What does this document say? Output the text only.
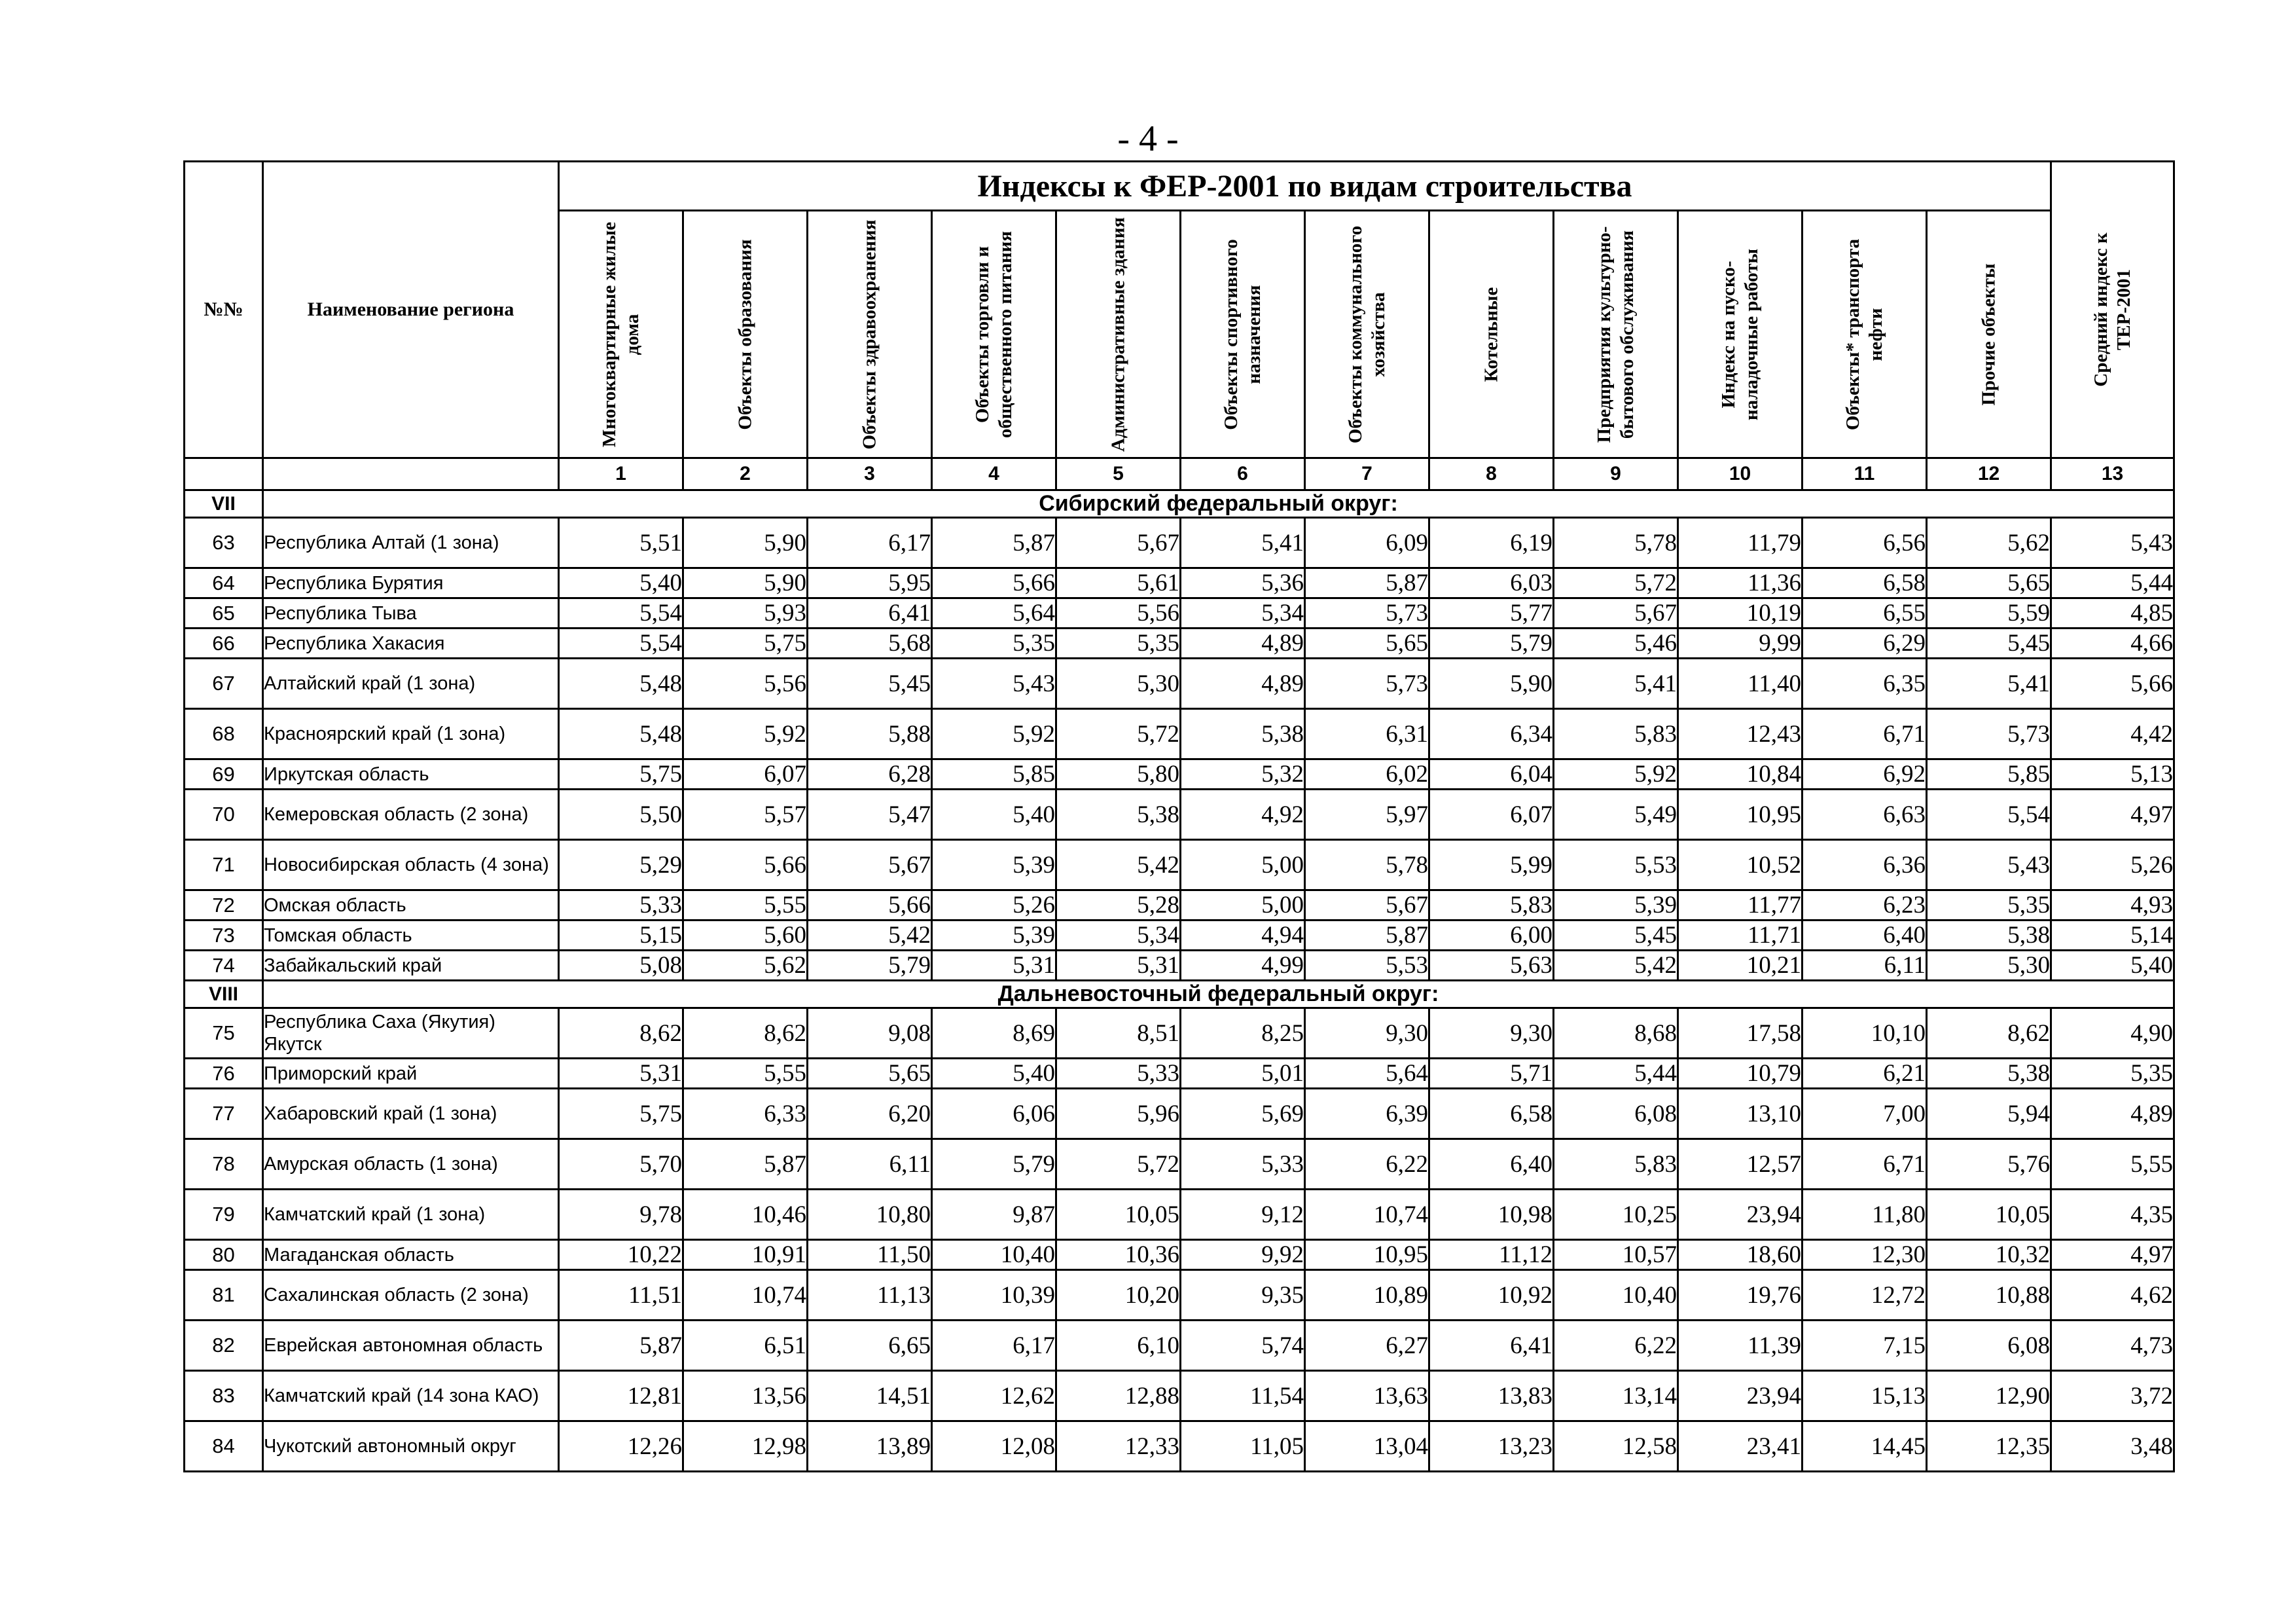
- 4 -
№№	Наименование региона	Индексы к ФЕР-2001 по видам строительства												Средний индекс к ТЕР-2001

		Многоквартирные жилые дома	Объекты образования	Объекты здравоохранения	Объекты торговли и общественного питания	Административные здания	Объекты спортивного назначения	Объекты коммунального хозяйства	Котельные	Предприятия культурно-бытового обслуживания	Индекс на пуско-наладочные работы	Объекты* транспорта нефти	Прочие объекты	

		1	2	3	4	5	6	7	8	9	10	11	12	13
VII	Сибирский федеральный округ:													
63	Республика Алтай (1 зона)	5,51	5,90	6,17	5,87	5,67	5,41	6,09	6,19	5,78	11,79	6,56	5,62	5,43
64	Республика Бурятия	5,40	5,90	5,95	5,66	5,61	5,36	5,87	6,03	5,72	11,36	6,58	5,65	5,44
65	Республика Тыва	5,54	5,93	6,41	5,64	5,56	5,34	5,73	5,77	5,67	10,19	6,55	5,59	4,85
66	Республика Хакасия	5,54	5,75	5,68	5,35	5,35	4,89	5,65	5,79	5,46	9,99	6,29	5,45	4,66
67	Алтайский край (1 зона)	5,48	5,56	5,45	5,43	5,30	4,89	5,73	5,90	5,41	11,40	6,35	5,41	5,66
68	Красноярский край (1 зона)	5,48	5,92	5,88	5,92	5,72	5,38	6,31	6,34	5,83	12,43	6,71	5,73	4,42
69	Иркутская область	5,75	6,07	6,28	5,85	5,80	5,32	6,02	6,04	5,92	10,84	6,92	5,85	5,13
70	Кемеровская область (2 зона)	5,50	5,57	5,47	5,40	5,38	4,92	5,97	6,07	5,49	10,95	6,63	5,54	4,97
71	Новосибирская область (4 зона)	5,29	5,66	5,67	5,39	5,42	5,00	5,78	5,99	5,53	10,52	6,36	5,43	5,26
72	Омская область	5,33	5,55	5,66	5,26	5,28	5,00	5,67	5,83	5,39	11,77	6,23	5,35	4,93
73	Томская область	5,15	5,60	5,42	5,39	5,34	4,94	5,87	6,00	5,45	11,71	6,40	5,38	5,14
74	Забайкальский край	5,08	5,62	5,79	5,31	5,31	4,99	5,53	5,63	5,42	10,21	6,11	5,30	5,40
VIII	Дальневосточный федеральный округ:													
75	Республика Саха (Якутия) Якутск	8,62	8,62	9,08	8,69	8,51	8,25	9,30	9,30	8,68	17,58	10,10	8,62	4,90
76	Приморский край	5,31	5,55	5,65	5,40	5,33	5,01	5,64	5,71	5,44	10,79	6,21	5,38	5,35
77	Хабаровский край (1 зона)	5,75	6,33	6,20	6,06	5,96	5,69	6,39	6,58	6,08	13,10	7,00	5,94	4,89
78	Амурская область (1 зона)	5,70	5,87	6,11	5,79	5,72	5,33	6,22	6,40	5,83	12,57	6,71	5,76	5,55
79	Камчатский край (1 зона)	9,78	10,46	10,80	9,87	10,05	9,12	10,74	10,98	10,25	23,94	11,80	10,05	4,35
80	Магаданская область	10,22	10,91	11,50	10,40	10,36	9,92	10,95	11,12	10,57	18,60	12,30	10,32	4,97
81	Сахалинская область (2 зона)	11,51	10,74	11,13	10,39	10,20	9,35	10,89	10,92	10,40	19,76	12,72	10,88	4,62
82	Еврейская автономная область	5,87	6,51	6,65	6,17	6,10	5,74	6,27	6,41	6,22	11,39	7,15	6,08	4,73
83	Камчатский край (14 зона КАО)	12,81	13,56	14,51	12,62	12,88	11,54	13,63	13,83	13,14	23,94	15,13	12,90	3,72
84	Чукотский автономный округ	12,26	12,98	13,89	12,08	12,33	11,05	13,04	13,23	12,58	23,41	14,45	12,35	3,48
